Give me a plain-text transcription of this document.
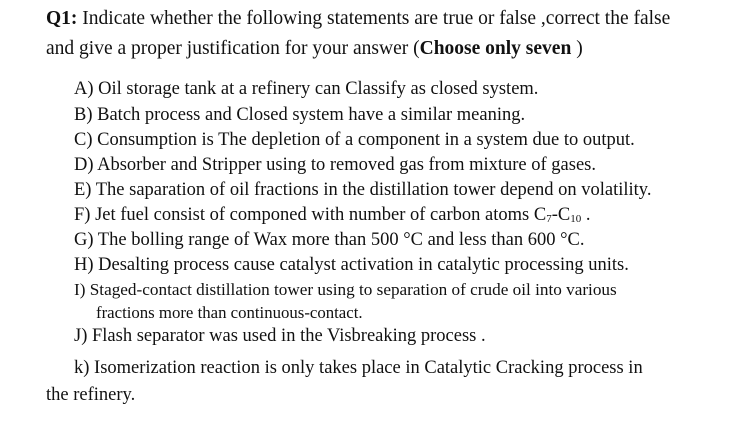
Q1: Indicate whether the following statements are true or false ,correct the false
and give a proper justification for your answer (Choose only seven )
A) Oil storage tank at a refinery can Classify as closed system.
B) Batch process and Closed system have a similar meaning.
C) Consumption is The depletion of a component in a system due to output.
D) Absorber and Stripper using to removed gas from mixture of gases.
E) The saparation of oil fractions in the distillation tower depend on volatility.
F) Jet fuel consist of componed with number of carbon atoms $C_7-C_{10}$ .
G) The bolling range of Wax more than 500 °C and less than 600 °C.
H) Desalting process cause catalyst activation in catalytic processing units.
I) Staged-contact distillation tower using to separation of crude oil into various
fractions more than continuous-contact.
J) Flash separator was used in the Visbreaking process .
k) Isomerization reaction is only takes place in Catalytic Cracking process in
the refinery.
